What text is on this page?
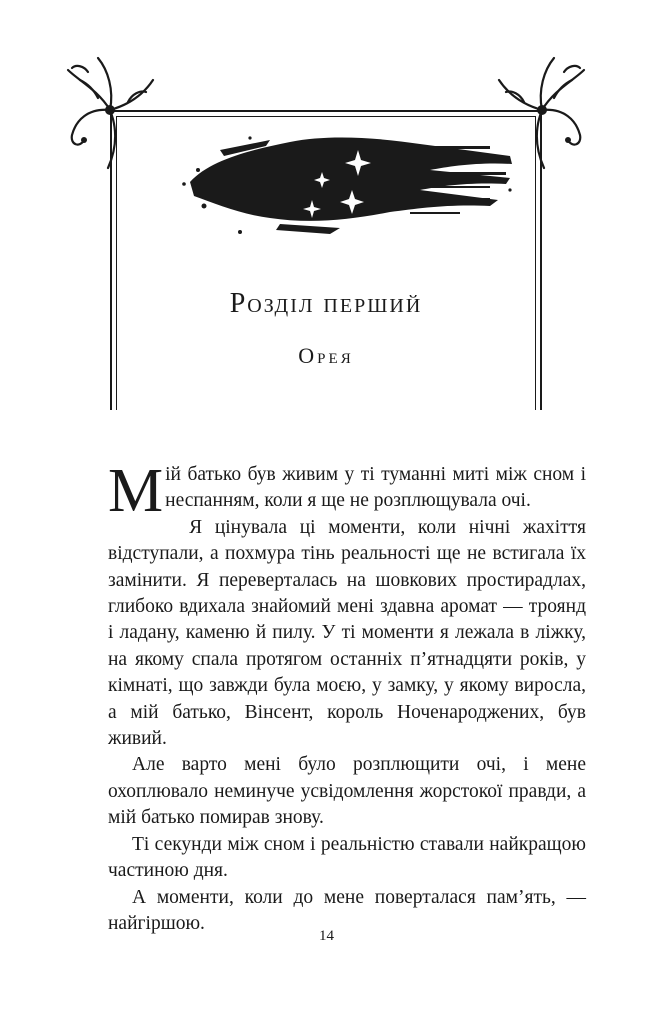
Розділ перший
Орея

Мій батько був живим у ті туманні миті між сном і неспанням, коли я ще не розплющувала очі.

Я цінувала ці моменти, коли нічні жахіття відступали, а похмура тінь реальності ще не встигала їх замінити. Я переверталась на шовкових простирадлах, глибоко вдихала знайомий мені здавна аромат — троянд і ладану, каменю й пилу. У ті моменти я лежала в ліжку, на якому спала протягом останніх п’ятнадцяти років, у кімнаті, що завжди була моєю, у замку, у якому виросла, а мій батько, Вінсент, король Ноченароджених, був живий.

Але варто мені було розплющити очі, і мене охоплювало неминуче усвідомлення жорстокої правди, а мій батько помирав знову.

Ті секунди між сном і реальністю ставали найкращою частиною дня.

А моменти, коли до мене поверталася пам’ять, — найгіршою.

14
